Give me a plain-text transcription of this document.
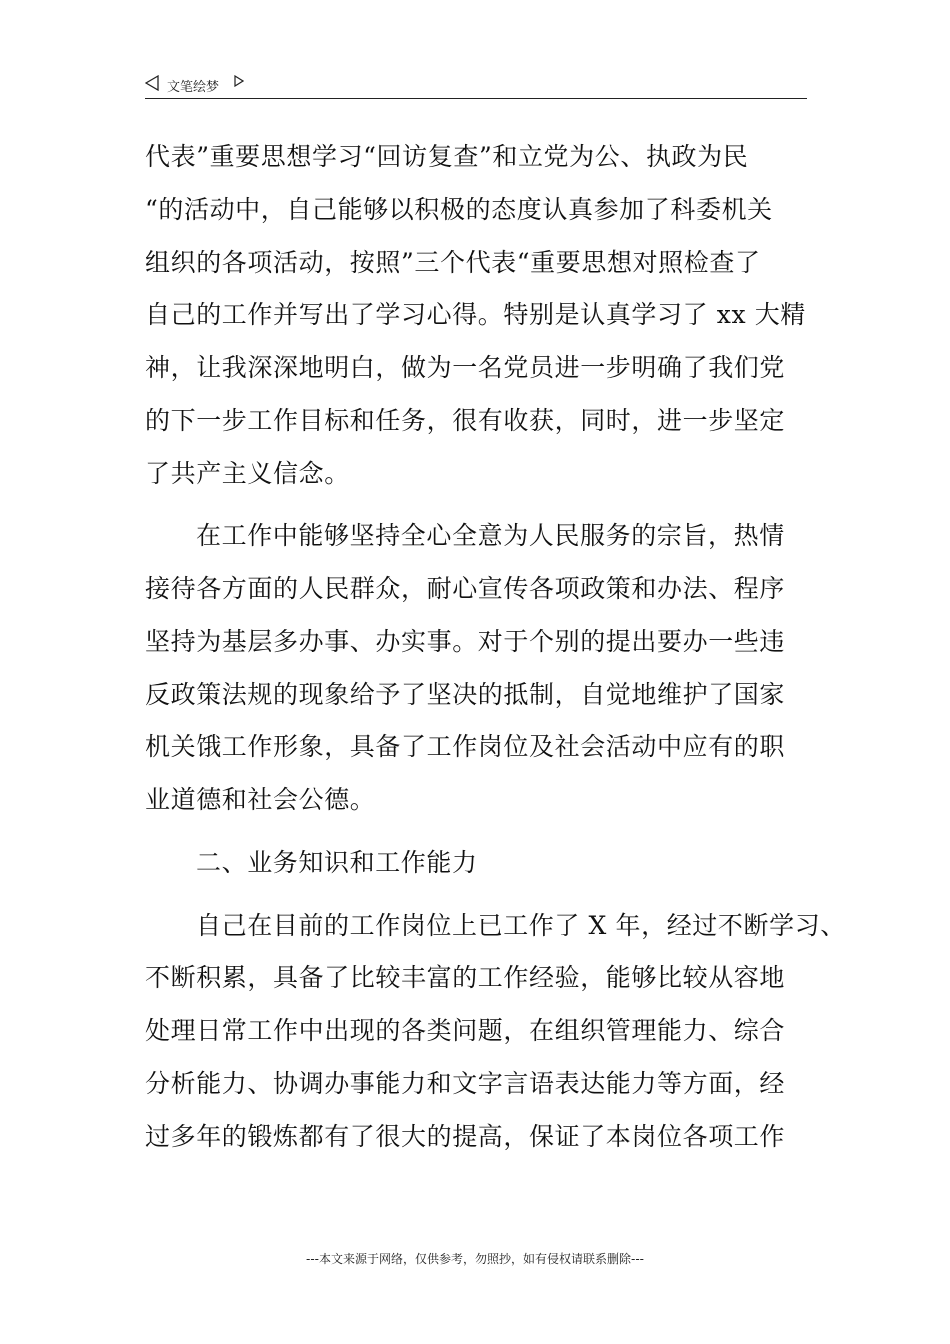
文笔绘梦
代表”重要思想学习“回访复查”和立党为公、执政为民
“的活动中，自己能够以积极的态度认真参加了科委机关
组织的各项活动，按照”三个代表“重要思想对照检查了
自己的工作并写出了学习心得。特别是认真学习了 xx 大精
神，让我深深地明白，做为一名党员进一步明确了我们党
的下一步工作目标和任务，很有收获，同时，进一步坚定
了共产主义信念。
在工作中能够坚持全心全意为人民服务的宗旨，热情
接待各方面的人民群众，耐心宣传各项政策和办法、程序
坚持为基层多办事、办实事。对于个别的提出要办一些违
反政策法规的现象给予了坚决的抵制，自觉地维护了国家
机关饿工作形象，具备了工作岗位及社会活动中应有的职
业道德和社会公德。
二、业务知识和工作能力
自己在目前的工作岗位上已工作了 X 年，经过不断学习、
不断积累，具备了比较丰富的工作经验，能够比较从容地
处理日常工作中出现的各类问题，在组织管理能力、综合
分析能力、协调办事能力和文字言语表达能力等方面，经
过多年的锻炼都有了很大的提高，保证了本岗位各项工作
---本文来源于网络，仅供参考，勿照抄，如有侵权请联系删除---
